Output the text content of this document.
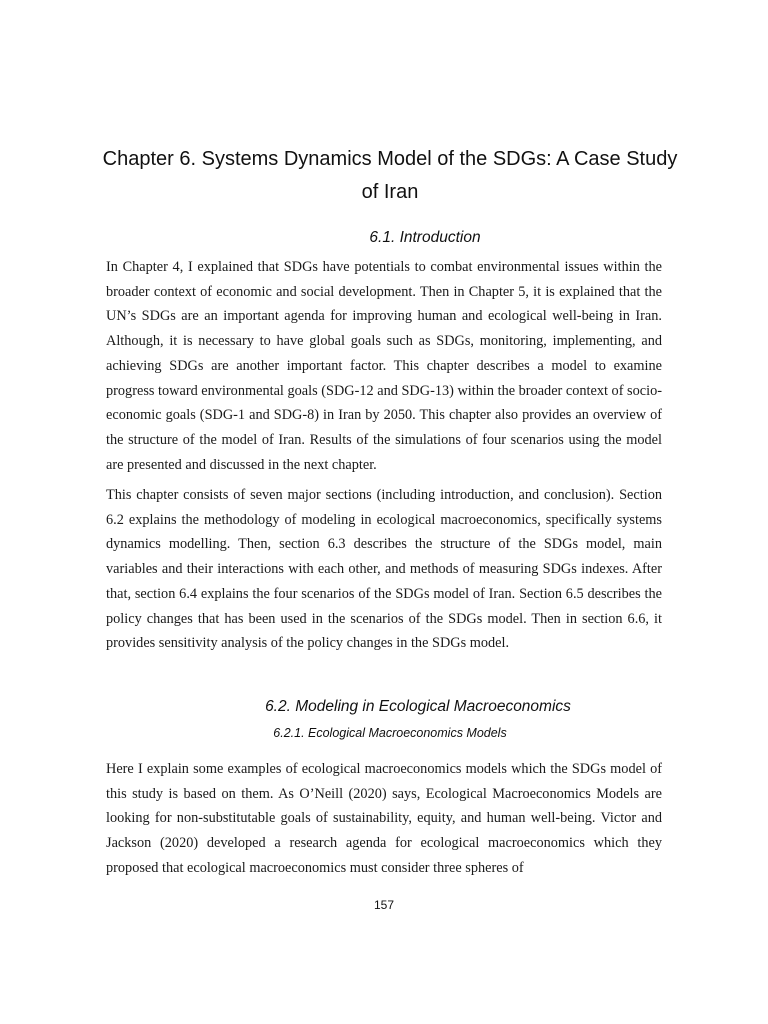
Chapter 6. Systems Dynamics Model of the SDGs: A Case Study of Iran
6.1. Introduction

In Chapter 4, I explained that SDGs have potentials to combat environmental issues within the broader context of economic and social development. Then in Chapter 5, it is explained that the UN’s SDGs are an important agenda for improving human and ecological well-being in Iran. Although, it is necessary to have global goals such as SDGs, monitoring, implementing, and achieving SDGs are another important factor. This chapter describes a model to examine progress toward environmental goals (SDG-12 and SDG-13) within the broader context of socio-economic goals (SDG-1 and SDG-8) in Iran by 2050. This chapter also provides an overview of the structure of the model of Iran. Results of the simulations of four scenarios using the model are presented and discussed in the next chapter.

This chapter consists of seven major sections (including introduction, and conclusion). Section 6.2 explains the methodology of modeling in ecological macroeconomics, specifically systems dynamics modelling. Then, section 6.3 describes the structure of the SDGs model, main variables and their interactions with each other, and methods of measuring SDGs indexes. After that, section 6.4 explains the four scenarios of the SDGs model of Iran. Section 6.5 describes the policy changes that has been used in the scenarios of the SDGs model. Then in section 6.6, it provides sensitivity analysis of the policy changes in the SDGs model.

6.2. Modeling in Ecological Macroeconomics
6.2.1. Ecological Macroeconomics Models

Here I explain some examples of ecological macroeconomics models which the SDGs model of this study is based on them. As O’Neill (2020) says, Ecological Macroeconomics Models are looking for non-substitutable goals of sustainability, equity, and human well-being. Victor and Jackson (2020) developed a research agenda for ecological macroeconomics which they proposed that ecological macroeconomics must consider three spheres of

157
